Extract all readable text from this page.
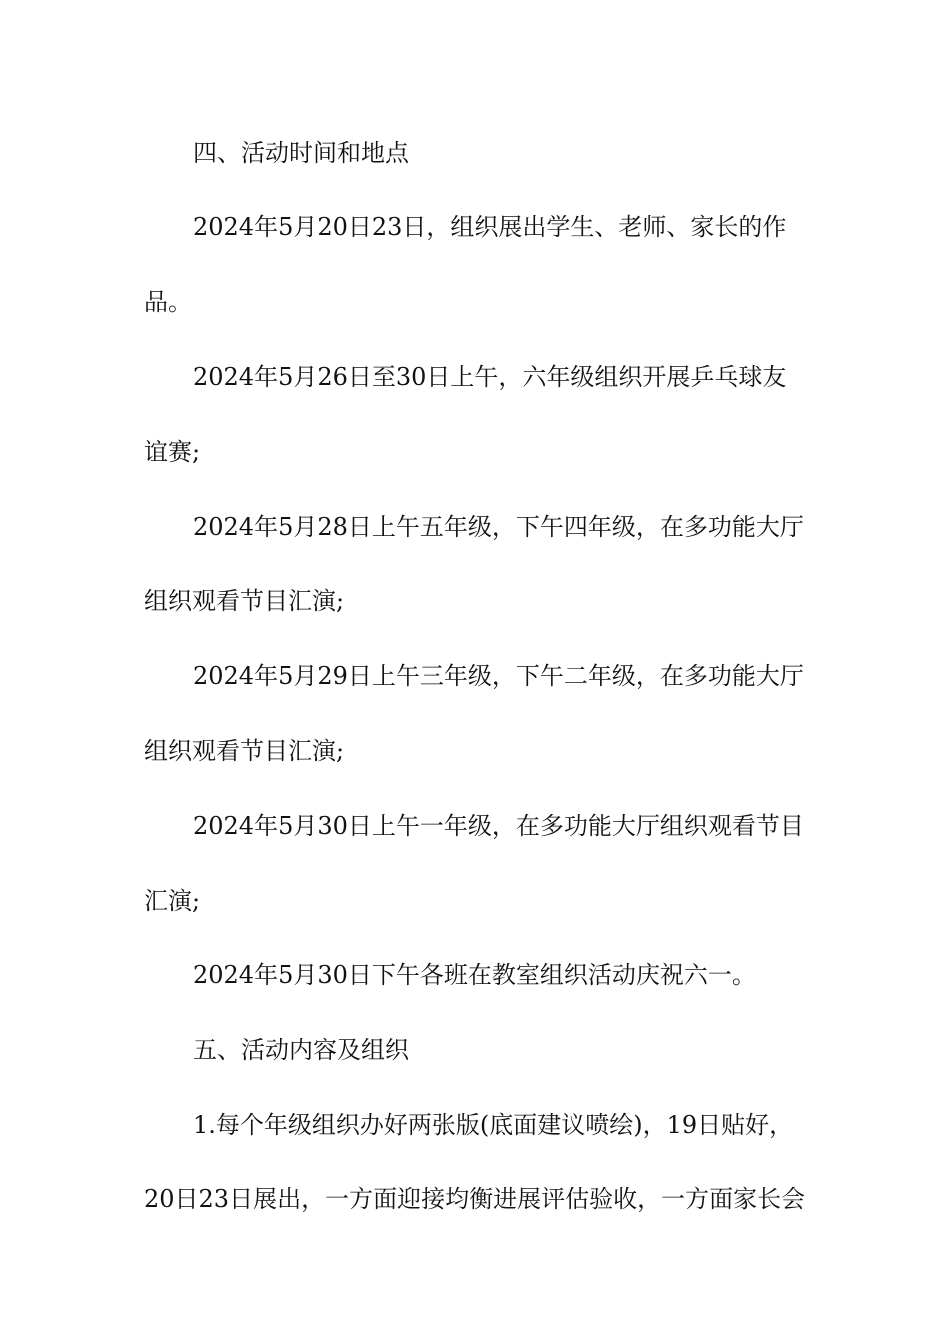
四、活动时间和地点
2024年5月20日23日，组织展出学生、老师、家长的作
品。
2024年5月26日至30日上午，六年级组织开展乒乓球友
谊赛;
2024年5月28日上午五年级，下午四年级，在多功能大厅
组织观看节目汇演;
2024年5月29日上午三年级，下午二年级，在多功能大厅
组织观看节目汇演;
2024年5月30日上午一年级，在多功能大厅组织观看节目
汇演;
2024年5月30日下午各班在教室组织活动庆祝六一。
五、活动内容及组织
1.每个年级组织办好两张版(底面建议喷绘)，19日贴好，
20日23日展出，一方面迎接均衡进展评估验收，一方面家长会
